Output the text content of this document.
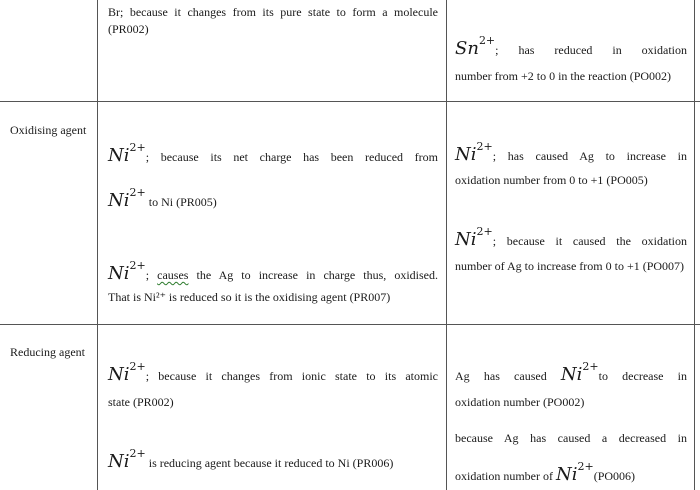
Br; because it changes from its pure state to form a molecule (PR002)
$Sn^{2+}$; has reduced in oxidation
number from +2 to 0 in the reaction (PO002)
Oxidising agent
$Ni^{2+}$; because its net charge has been reduced from
$Ni^{2+}$ to Ni (PR005)
$Ni^{2+}$; causes the Ag to increase in charge thus, oxidised.
That is Ni²⁺ is reduced so it is the oxidising agent (PR007)
$Ni^{2+}$; has caused Ag to increase in
oxidation number from 0 to +1 (PO005)
$Ni^{2+}$; because it caused the oxidation
number of Ag to increase from 0 to +1 (PO007)
Reducing agent
$Ni^{2+}$; because it changes from ionic state to its atomic
state (PR002)
$Ni^{2+}$ is reducing agent because it reduced to Ni (PR006)
Ag has caused $Ni^{2+}to$ decrease in
oxidation number (PO002)
because Ag has caused a decreased in
oxidation number of $Ni^{2+}(PO006)$
